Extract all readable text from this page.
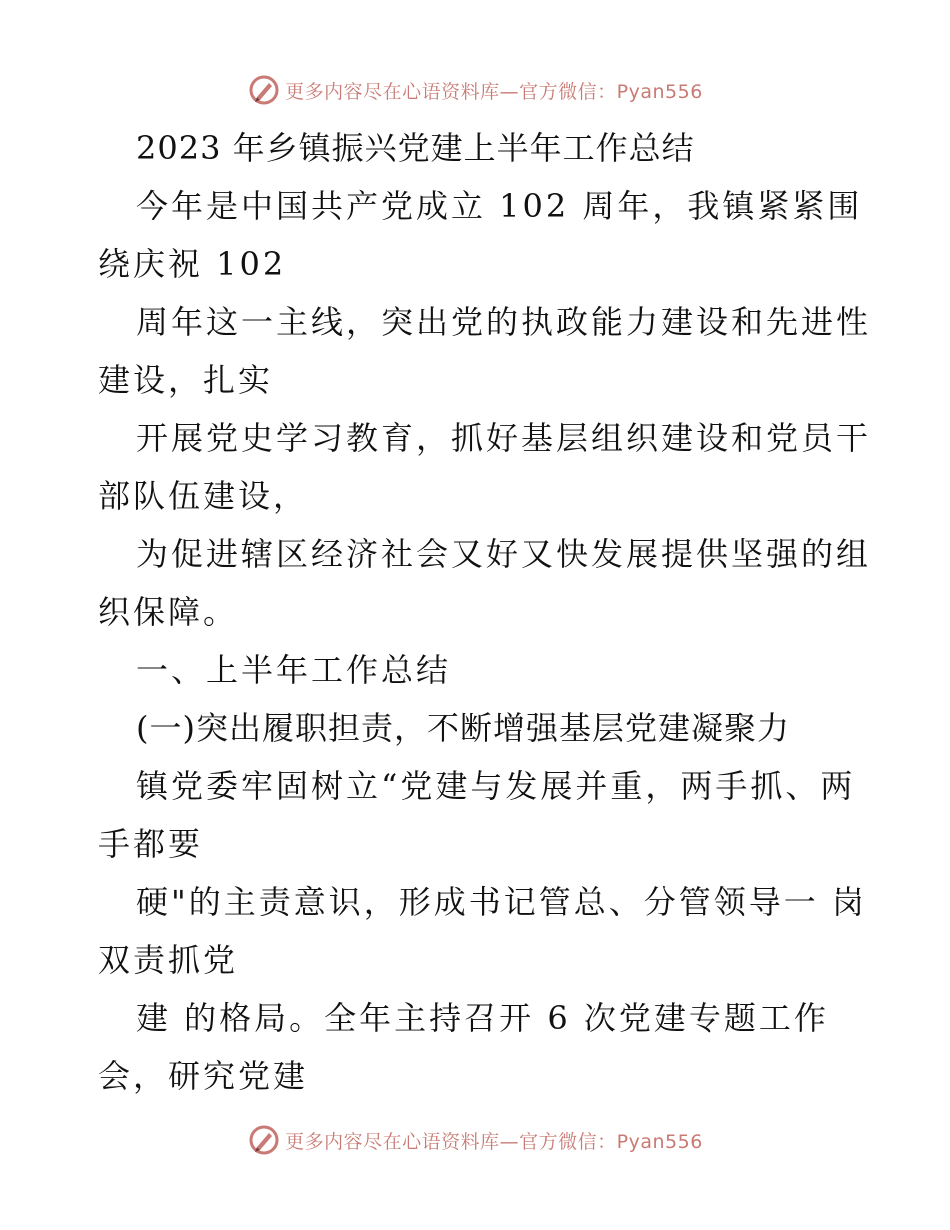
更多内容尽在心语资料库—官方微信：Pyan556
2023 年乡镇振兴党建上半年工作总结
今年是中国共产党成立 102 周年，我镇紧紧围
绕庆祝 102
周年这一主线，突出党的执政能力建设和先进性
建设，扎实
开展党史学习教育，抓好基层组织建设和党员干
部队伍建设，
为促进辖区经济社会又好又快发展提供坚强的组
织保障。
一、上半年工作总结
(一)突出履职担责，不断增强基层党建凝聚力
镇党委牢固树立“党建与发展并重，两手抓、两
手都要
硬"的主责意识，形成书记管总、分管领导一 岗
双责抓党
建 的格局。全年主持召开 6 次党建专题工作
会，研究党建
更多内容尽在心语资料库—官方微信：Pyan556
